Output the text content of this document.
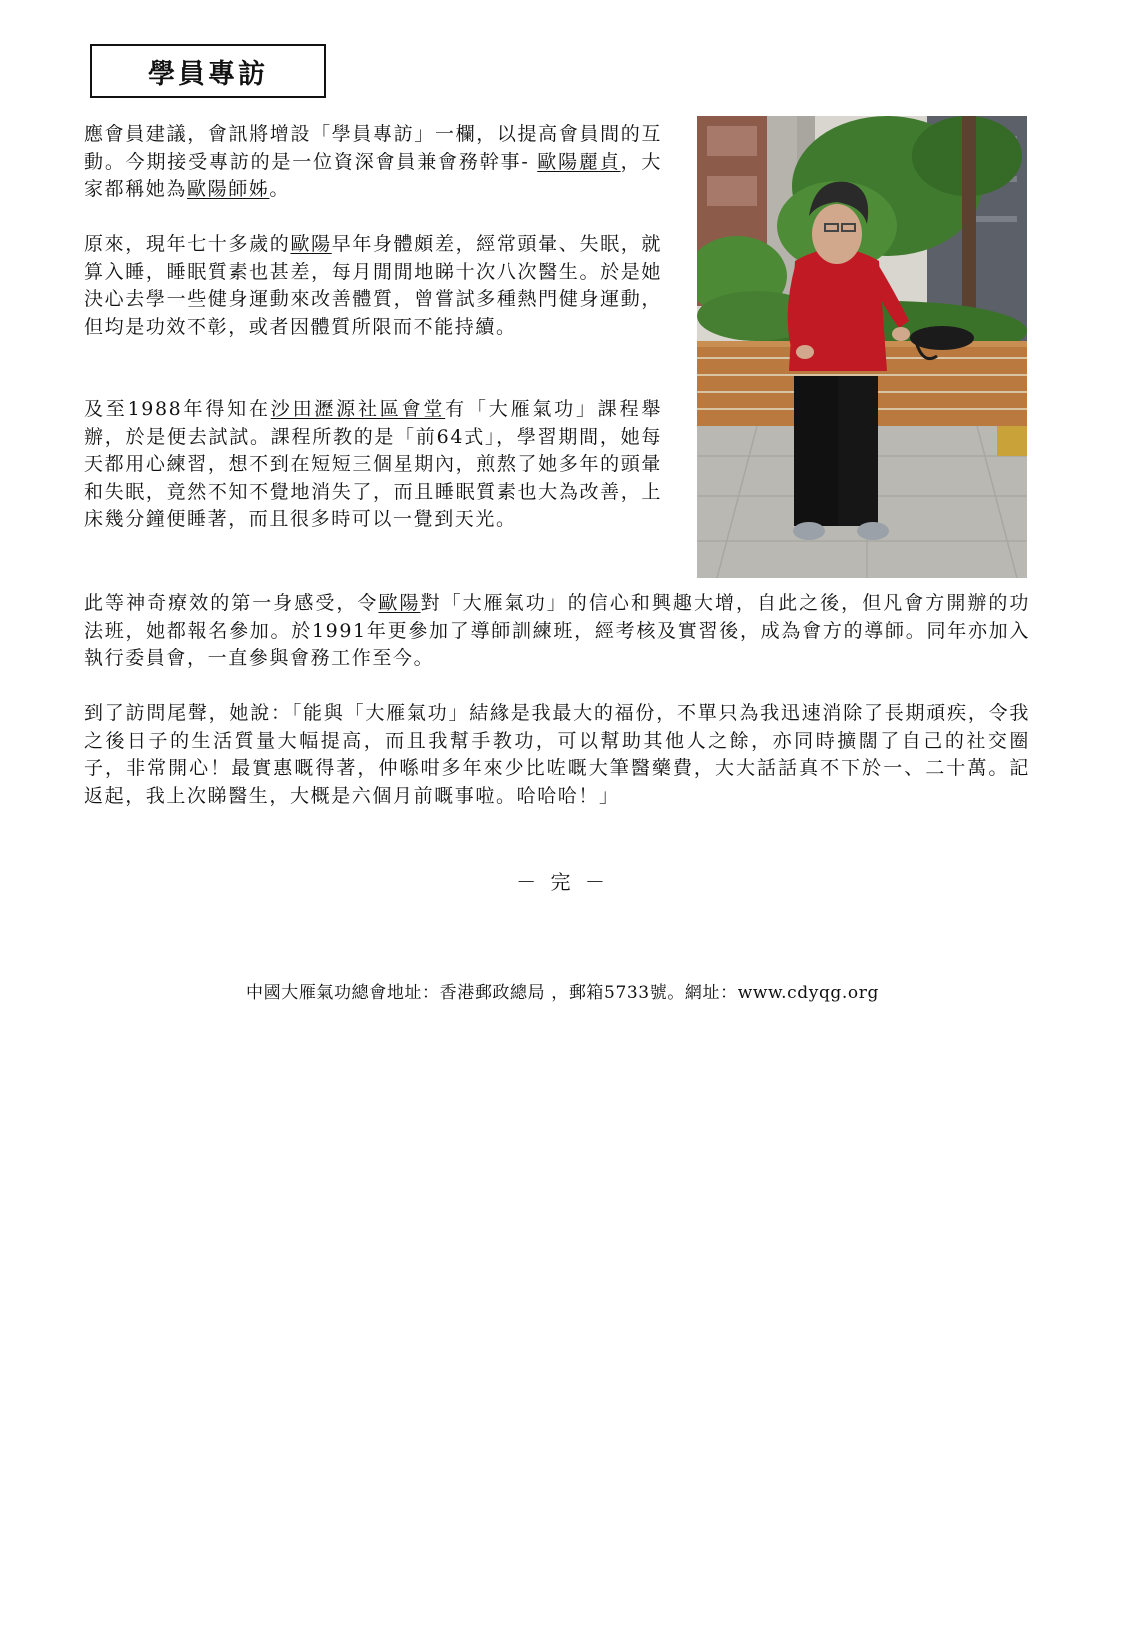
學員專訪

應會員建議，會訊將增設「學員專訪」一欄，以提高會員間的互動。今期接受專訪的是一位資深會員兼會務幹事- 歐陽麗貞，大家都稱她為歐陽師姊。

原來，現年七十多歲的歐陽早年身體頗差，經常頭暈、失眠，就算入睡，睡眠質素也甚差，每月閒閒地睇十次八次醫生。於是她決心去學一些健身運動來改善體質，曾嘗試多種熱門健身運動，但均是功效不彰，或者因體質所限而不能持續。

及至1988年得知在沙田瀝源社區會堂有「大雁氣功」課程舉辦，於是便去試試。課程所教的是「前64式」，學習期間，她每天都用心練習，想不到在短短三個星期內，煎熬了她多年的頭暈和失眠，竟然不知不覺地消失了，而且睡眠質素也大為改善，上床幾分鐘便睡著，而且很多時可以一覺到天光。

此等神奇療效的第一身感受，令歐陽對「大雁氣功」的信心和興趣大增，自此之後，但凡會方開辦的功法班，她都報名參加。於1991年更參加了導師訓練班，經考核及實習後，成為會方的導師。同年亦加入執行委員會，一直參與會務工作至今。

到了訪問尾聲，她說：「能與「大雁氣功」結緣是我最大的福份，不單只為我迅速消除了長期頑疾，令我之後日子的生活質量大幅提高，而且我幫手教功，可以幫助其他人之餘，亦同時擴闊了自己的社交圈子，非常開心！最實惠嘅得著，仲喺咁多年來少比咗嘅大筆醫藥費，大大話話真不下於一、二十萬。記返起，我上次睇醫生，大概是六個月前嘅事啦。哈哈哈！」

－ 完 －
中國大雁氣功總會地址：香港郵政總局 ，郵箱5733號。網址：www.cdyqg.org
